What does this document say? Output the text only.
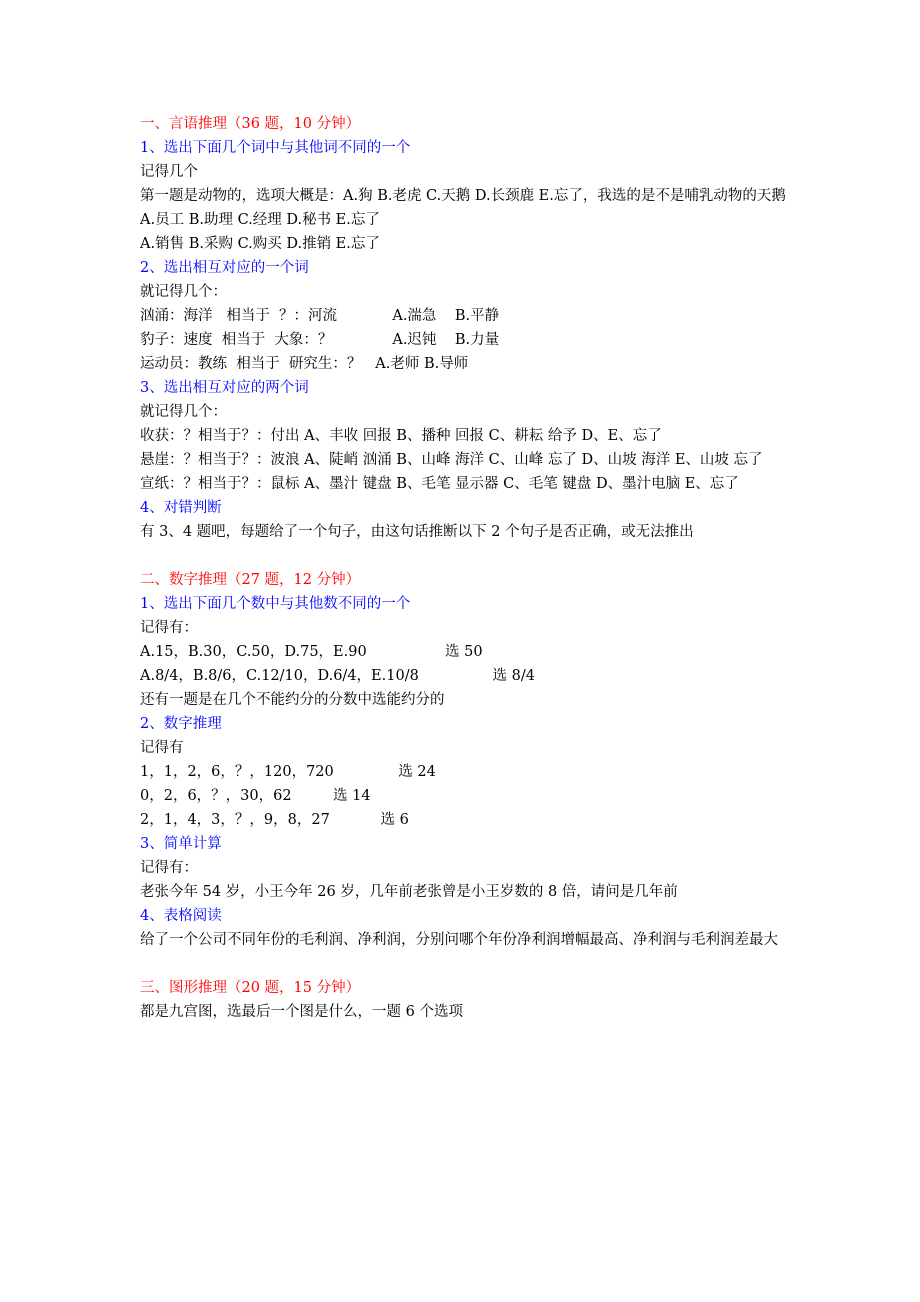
一、言语推理（36 题，10 分钟）
1、选出下面几个词中与其他词不同的一个
记得几个
第一题是动物的，选项大概是：A.狗 B.老虎 C.天鹅 D.长颈鹿 E.忘了，我选的是不是哺乳动物的天鹅
A.员工 B.助理 C.经理 D.秘书 E.忘了
A.销售 B.采购 C.购买 D.推销 E.忘了
2、选出相互对应的一个词
就记得几个：
汹涌：海洋   相当于  ？：河流            A.湍急    B.平静
豹子：速度  相当于  大象：？             A.迟钝    B.力量
运动员：教练  相当于  研究生：？   A.老师 B.导师
3、选出相互对应的两个词
就记得几个：
收获：？相当于？：付出 A、丰收 回报 B、播种 回报 C、耕耘 给予 D、E、忘了
悬崖：？相当于？：波浪 A、陡峭 汹涌 B、山峰 海洋 C、山峰 忘了 D、山坡 海洋 E、山坡 忘了
宣纸：？相当于？：鼠标 A、墨汁 键盘 B、毛笔 显示器 C、毛笔 键盘 D、墨汁电脑 E、忘了
4、对错判断
有 3、4 题吧，每题给了一个句子，由这句话推断以下 2 个句子是否正确，或无法推出
二、数字推理（27 题，12 分钟）
1、选出下面几个数中与其他数不同的一个
记得有：
A.15，B.30，C.50，D.75，E.90                 选 50
A.8/4，B.8/6，C.12/10，D.6/4，E.10/8                选 8/4
还有一题是在几个不能约分的分数中选能约分的
2、数字推理
记得有
1，1，2，6，？，120，720              选 24
0，2，6，？，30，62         选 14
2，1，4，3，？，9，8，27           选 6
3、简单计算
记得有：
老张今年 54 岁，小王今年 26 岁，几年前老张曾是小王岁数的 8 倍，请问是几年前
4、表格阅读
给了一个公司不同年份的毛利润、净利润，分别问哪个年份净利润增幅最高、净利润与毛利润差最大
三、图形推理（20 题，15 分钟）
都是九宫图，选最后一个图是什么，一题 6 个选项
